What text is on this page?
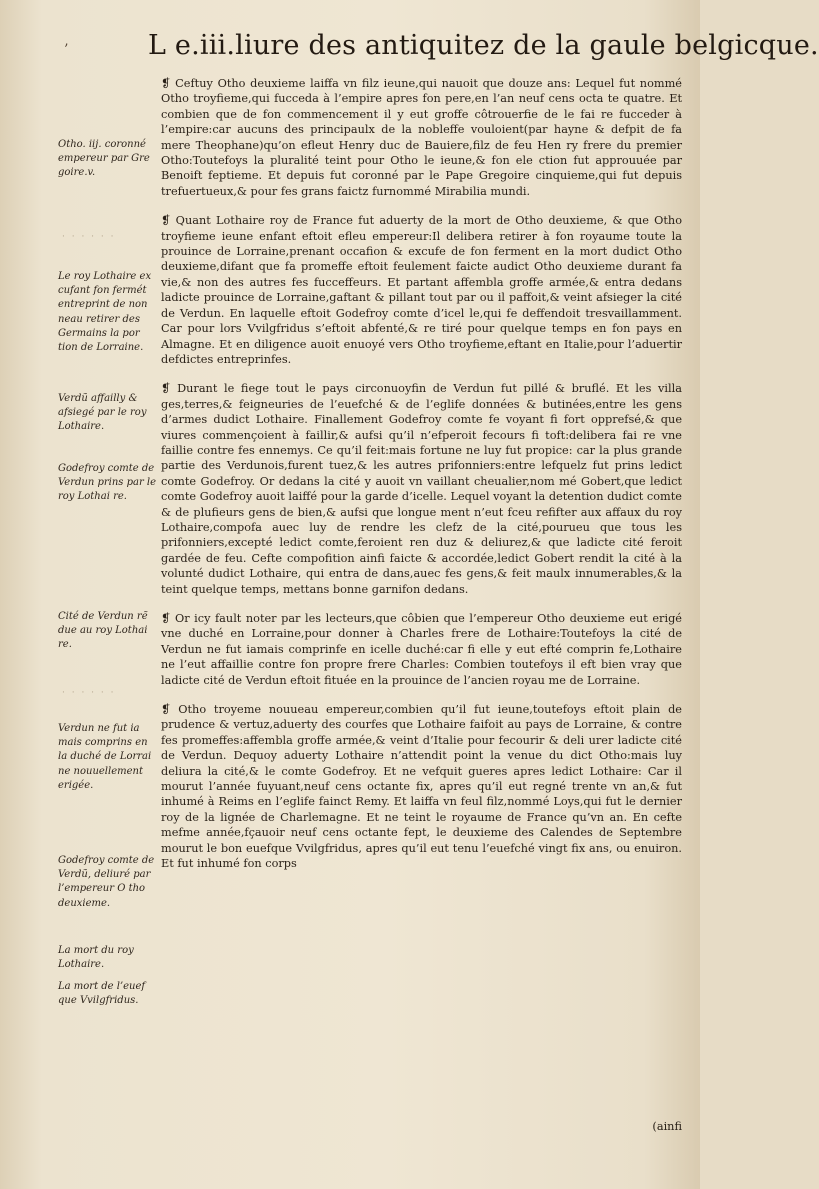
’	L e.iii.liure des antiquitez de la gaule belgicque.
· · · · · ·
· · · · · ·

❡ Ceftuy Otho deuxieme laiffa vn filz ieune,qui nauoit que douze ans: Lequel fut nommé Otho troyfieme,qui fucceda à l’empire apres fon pere,en l’an neuf cens octa te quatre. Et combien que de fon commencement il y eut groffe côtrouerfie de le fai re fucceder à l’empire:car aucuns des principaulx de la nobleffe vouloient(par hayne & defpit de fa mere Theophane)qu’on efleut Henry duc de Bauiere,filz de feu Hen ry frere du premier Otho:Toutefoys la pluralité teint pour Otho le ieune,& fon ele ction fut approuuée par Benoift feptieme. Et depuis fut coronné par le Pape Gregoire cinquieme,qui fut depuis trefuertueux,& pour fes grans faictz furnommé Mirabilia mundi.

❡ Quant Lothaire roy de France fut aduerty de la mort de Otho deuxieme, & que Otho troyfieme ieune enfant eftoit efleu empereur:Il delibera retirer à fon royaume toute la prouince de Lorraine,prenant occafion & excufe de fon ferment en la mort dudict Otho deuxieme,difant que fa promeffe eftoit feulement faicte audict Otho deuxieme durant fa vie,& non des autres fes fucceffeurs. Et partant affembla groffe armée,& entra dedans ladicte prouince de Lorraine,gaftant & pillant tout par ou il paffoit,& veint afsieger la cité de Verdun. En laquelle eftoit Godefroy comte d’icel le,qui fe deffendoit tresvaillamment. Car pour lors Vvilgfridus s’eftoit abfenté,& re tiré pour quelque temps en fon pays en Almagne. Et en diligence auoit enuoyé vers Otho troyfieme,eftant en Italie,pour l’aduertir defdictes entreprinfes.

❡ Durant le fiege tout le pays circonuoyfin de Verdun fut pillé & bruflé. Et les villa ges,terres,& feigneuries de l’euefché & de l’eglife données & butinées,entre les gens d’armes dudict Lothaire. Finallement Godefroy comte fe voyant fi fort opprefsé,& que viures commençoient à faillir,& aufsi qu’il n’efperoit fecours fi toft:delibera fai re vne faillie contre fes ennemys. Ce qu’il feit:mais fortune ne luy fut propice: car la plus grande partie des Verdunois,furent tuez,& les autres prifonniers:entre lefquelz fut prins ledict comte Godefroy. Or dedans la cité y auoit vn vaillant cheualier,nom mé Gobert,que ledict comte Godefroy auoit laiffé pour la garde d’icelle. Lequel voyant la detention dudict comte & de plufieurs gens de bien,& aufsi que longue ment n’eut fceu refifter aux affaux du roy Lothaire,compofa auec luy de rendre les clefz de la cité,pourueu que tous les prifonniers,excepté ledict comte,feroient ren duz & deliurez,& que ladicte cité feroit gardée de feu. Cefte compofition ainfi faicte & accordée,ledict Gobert rendit la cité à la volunté dudict Lothaire, qui entra de dans,auec fes gens,& feit maulx innumerables,& la teint quelque temps, mettans bonne garnifon dedans.

❡ Or icy fault noter par les lecteurs,que côbien que l’empereur Otho deuxieme eut erigé vne duché en Lorraine,pour donner à Charles frere de Lothaire:Toutefoys la cité de Verdun ne fut iamais comprinfe en icelle duché:car fi elle y eut efté comprin fe,Lothaire ne l’eut affaillie contre fon propre frere Charles: Combien toutefoys il eft bien vray que ladicte cité de Verdun eftoit fituée en la prouince de l’ancien royau me de Lorraine.

❡ Otho troyeme nouueau empereur,combien qu’il fut ieune,toutefoys eftoit plain de prudence & vertuz,aduerty des courfes que Lothaire faifoit au pays de Lorraine, & contre fes promeffes:affembla groffe armée,& veint d’Italie pour fecourir & deli urer ladicte cité de Verdun. Dequoy aduerty Lothaire n’attendit point la venue du dict Otho:mais luy deliura la cité,& le comte Godefroy. Et ne vefquit gueres apres ledict Lothaire: Car il mourut l’année fuyuant,neuf cens octante fix, apres qu’il eut regné trente vn an,& fut inhumé à Reims en l’eglife fainct Remy. Et laiffa vn feul filz,nommé Loys,qui fut le dernier roy de la lignée de Charlemagne. Et ne teint le royaume de France qu’vn an. En cefte mefme année,fçauoir neuf cens octante fept, le deuxieme des Calendes de Septembre mourut le bon euefque Vvilgfridus, apres qu’il eut tenu l’euefché vingt fix ans, ou enuiron. Et fut inhumé fon corps

Otho. iij. coronné empereur par Gre goire.v.
Le roy Lothaire ex cufant fon fermét entreprint de non neau retirer des Germains la por tion de Lorraine.
Verdũ affailly & afsiegé par le roy Lothaire.
Godefroy comte de Verdun prins par le roy Lothai re.
Cité de Verdun rẽ due au roy Lothai re.
Verdun ne fut ia mais comprins en la duché de Lorrai ne nouuellement erigée.
Godefroy comte de Verdũ, deliuré par l’empereur O tho deuxieme.
La mort du roy Lothaire.
La mort de l’euef que Vvilgfridus.
(ainfi
